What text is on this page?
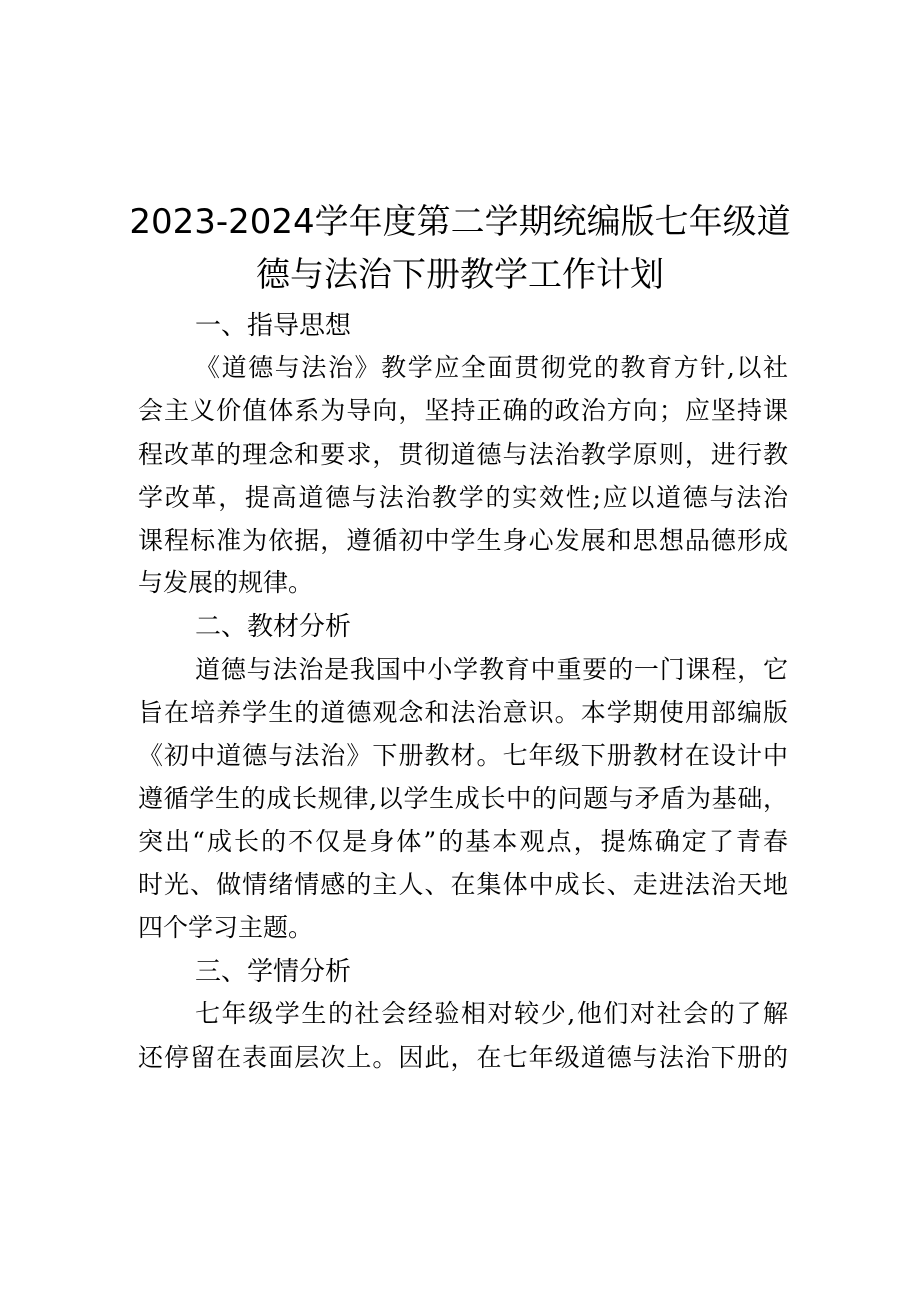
2023-2024学年度第二学期统编版七年级道
德与法治下册教学工作计划
一、指导思想
《道德与法治》教学应全面贯彻党的教育方针,以社
会主义价值体系为导向，坚持正确的政治方向；应坚持课
程改革的理念和要求，贯彻道德与法治教学原则，进行教
学改革，提高道德与法治教学的实效性;应以道德与法治
课程标准为依据，遵循初中学生身心发展和思想品德形成
与发展的规律。
二、教材分析
道德与法治是我国中小学教育中重要的一门课程，它
旨在培养学生的道德观念和法治意识。本学期使用部编版
《初中道德与法治》下册教材。七年级下册教材在设计中
遵循学生的成长规律,以学生成长中的问题与矛盾为基础，
突出“成长的不仅是身体”的基本观点，提炼确定了青春
时光、做情绪情感的主人、在集体中成长、走进法治天地
四个学习主题。
三、学情分析
七年级学生的社会经验相对较少,他们对社会的了解
还停留在表面层次上。因此，在七年级道德与法治下册的
